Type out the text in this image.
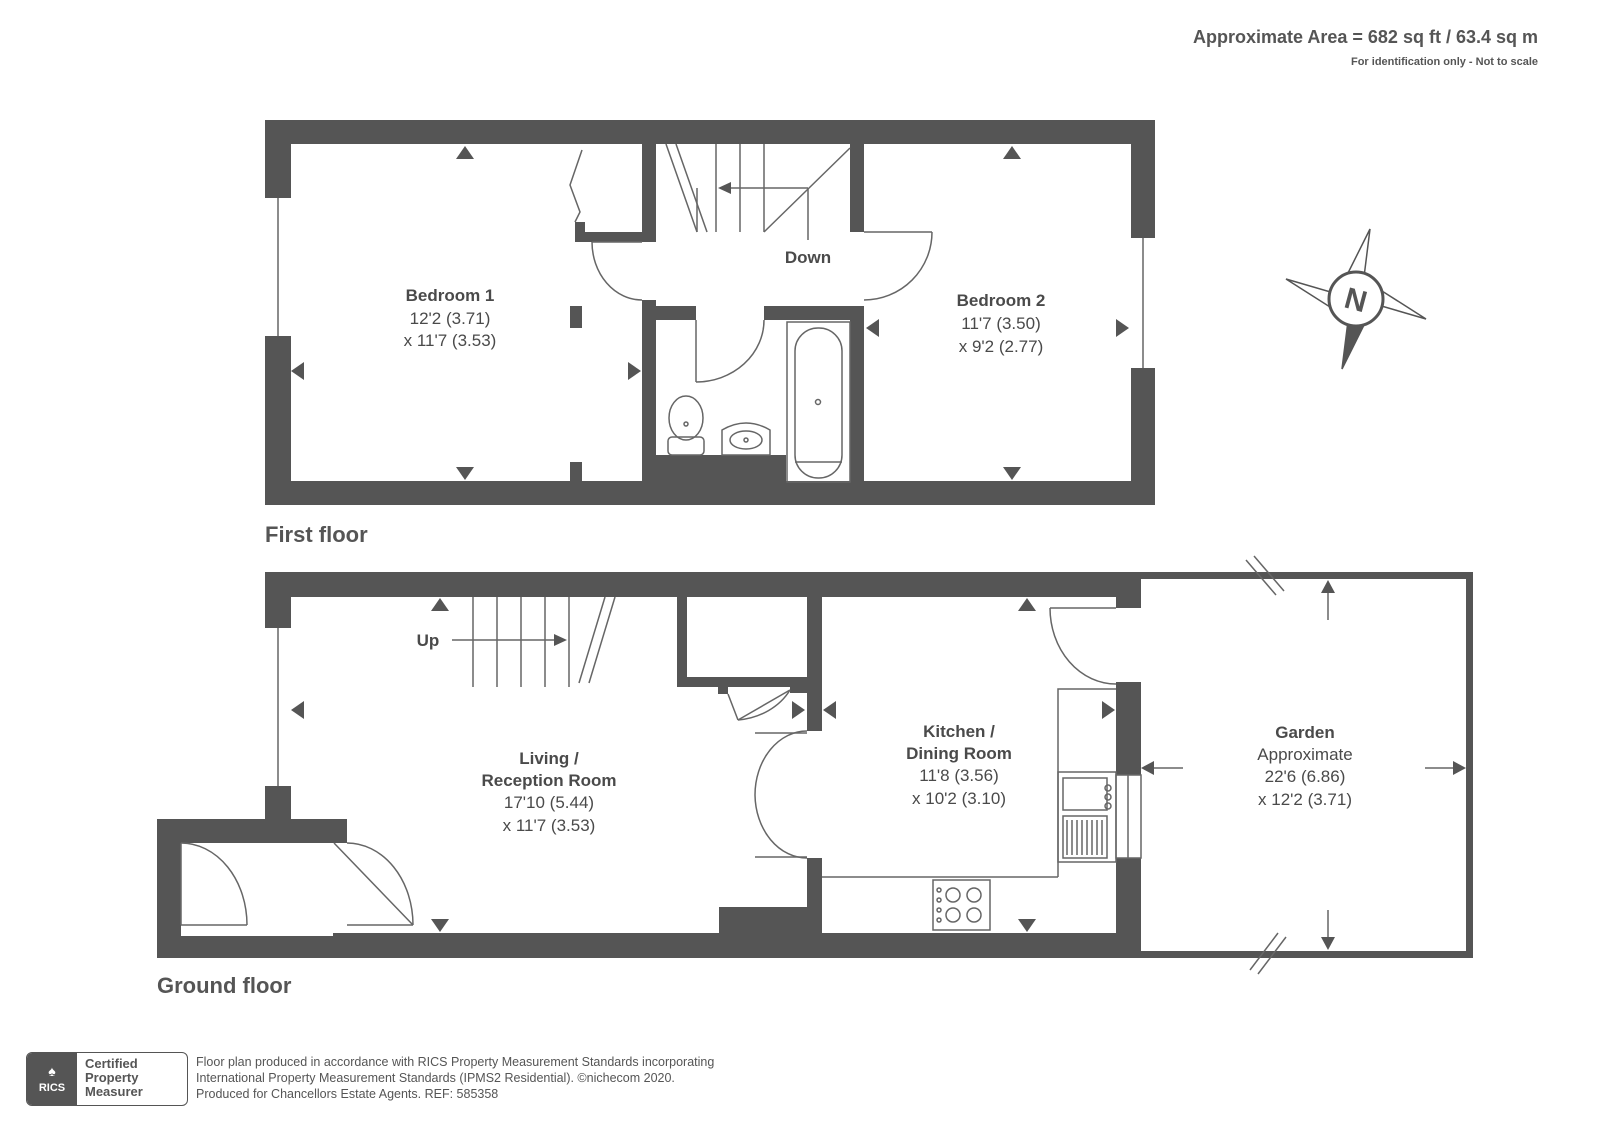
Approximate Area = 682 sq ft / 63.4 sq m
For identification only - Not to scale
Bedroom 1
12'2 (3.71)
x 11'7 (3.53)
Bedroom 2
11'7 (3.50)
x 9'2 (2.77)
Down
First floor
Living /
Reception Room
17'10 (5.44)
x 11'7 (3.53)
Kitchen /
Dining Room
11'8 (3.56)
x 10'2 (3.10)
Garden
Approximate
22'6 (6.86)
x 12'2 (3.71)
Up
Ground floor
N
♠
RICS
Certified
Property
Measurer
Floor plan produced in accordance with RICS Property Measurement Standards incorporating
International Property Measurement Standards (IPMS2 Residential). ©nichecom 2020.
Produced for Chancellors Estate Agents. REF: 585358
